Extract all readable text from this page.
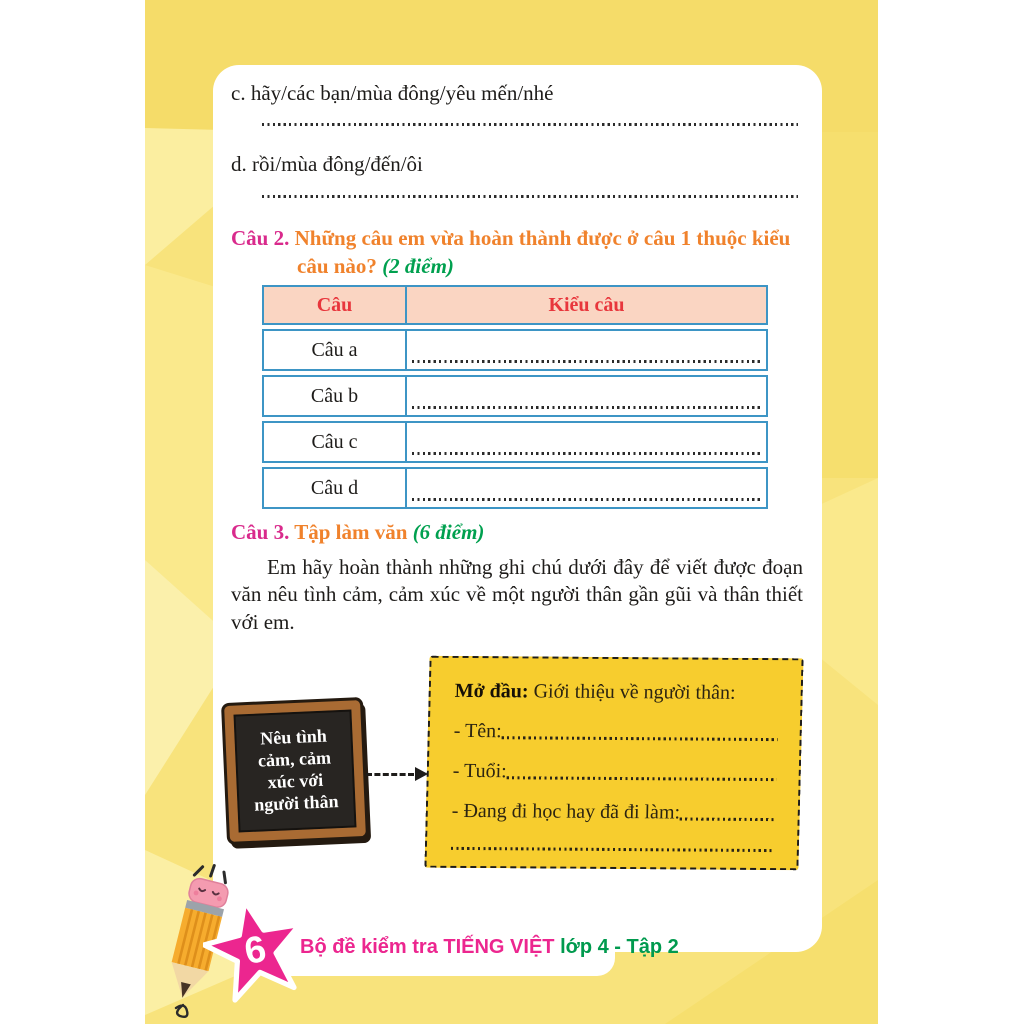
c. hãy/các bạn/mùa đông/yêu mến/nhé
d. rồi/mùa đông/đến/ôi
Câu 2. Những câu em vừa hoàn thành được ở câu 1 thuộc kiểu câu nào? (2 điểm)
Câu	Kiểu câu
Câu a
Câu b
Câu c
Câu d
Câu 3. Tập làm văn (6 điểm)
Em hãy hoàn thành những ghi chú dưới đây để viết được đoạn văn nêu tình cảm, cảm xúc về một người thân gần gũi và thân thiết với em.
Nêu tình cảm, cảm xúc với người thân
Mở đầu: Giới thiệu về người thân:
- Tên:
- Tuổi:
- Đang đi học hay đã đi làm:
6 Bộ đề kiểm tra TIẾNG VIỆT lớp 4 - Tập 2
